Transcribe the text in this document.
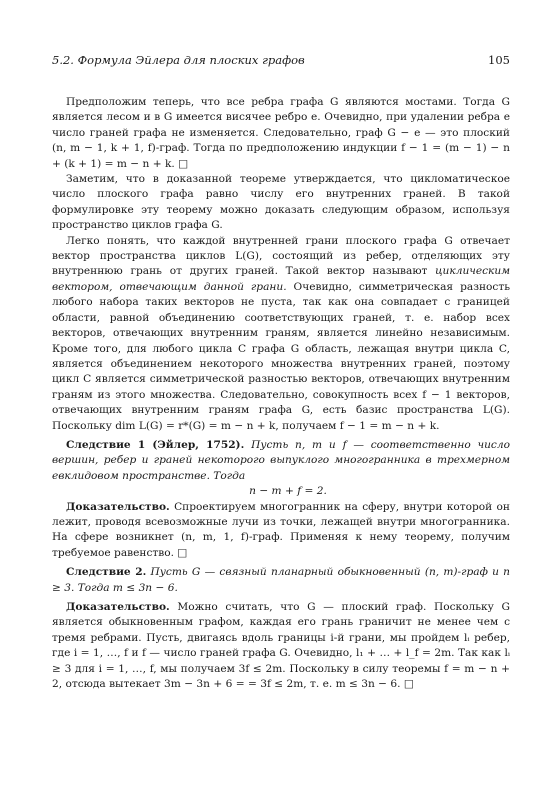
5.2. Формула Эйлера для плоских графов	105

Предположим теперь, что все ребра графа G являются мостами. Тогда G является лесом и в G имеется висячее ребро e. Очевидно, при удалении ребра e число граней графа не изменяется. Следовательно, граф G − e — это плоский (n, m − 1, k + 1, f)-граф. Тогда по предположению индукции f − 1 = (m − 1) − n + (k + 1) = m − n + k. □

Заметим, что в доказанной теореме утверждается, что цикломатическое число плоского графа равно числу его внутренних граней. В такой формулировке эту теорему можно доказать следующим образом, используя пространство циклов графа G.

Легко понять, что каждой внутренней грани плоского графа G отвечает вектор пространства циклов L(G), состоящий из ребер, отделяющих эту внутреннюю грань от других граней. Такой вектор называют циклическим вектором, отвечающим данной грани. Очевидно, симметрическая разность любого набора таких векторов не пуста, так как она совпадает с границей области, равной объединению соответствующих граней, т. е. набор всех векторов, отвечающих внутренним граням, является линейно независимым. Кроме того, для любого цикла C графа G область, лежащая внутри цикла C, является объединением некоторого множества внутренних граней, поэтому цикл C является симметрической разностью векторов, отвечающих внутренним граням из этого множества. Следовательно, совокупность всех f − 1 векторов, отвечающих внутренним граням графа G, есть базис пространства L(G). Поскольку dim L(G) = r*(G) = m − n + k, получаем f − 1 = m − n + k.

Следствие 1 (Эйлер, 1752). Пусть n, m и f — соответственно число вершин, ребер и граней некоторого выпуклого многогранника в трехмерном евклидовом пространстве. Тогда

n − m + f = 2.

Доказательство. Спроектируем многогранник на сферу, внутри которой он лежит, проводя всевозможные лучи из точки, лежащей внутри многогранника. На сфере возникнет (n, m, 1, f)-граф. Применяя к нему теорему, получим требуемое равенство. □

Следствие 2. Пусть G — связный планарный обыкновенный (n, m)-граф и n ≥ 3. Тогда m ≤ 3n − 6.

Доказательство. Можно считать, что G — плоский граф. Поскольку G является обыкновенным графом, каждая его грань граничит не менее чем с тремя ребрами. Пусть, двигаясь вдоль границы i-й грани, мы пройдем lᵢ ребер, где i = 1, …, f и f — число граней графа G. Очевидно, l₁ + … + l_f = 2m. Так как lᵢ ≥ 3 для i = 1, …, f, мы получаем 3f ≤ 2m. Поскольку в силу теоремы f = m − n + 2, отсюда вытекает 3m − 3n + 6 = = 3f ≤ 2m, т. е. m ≤ 3n − 6. □
